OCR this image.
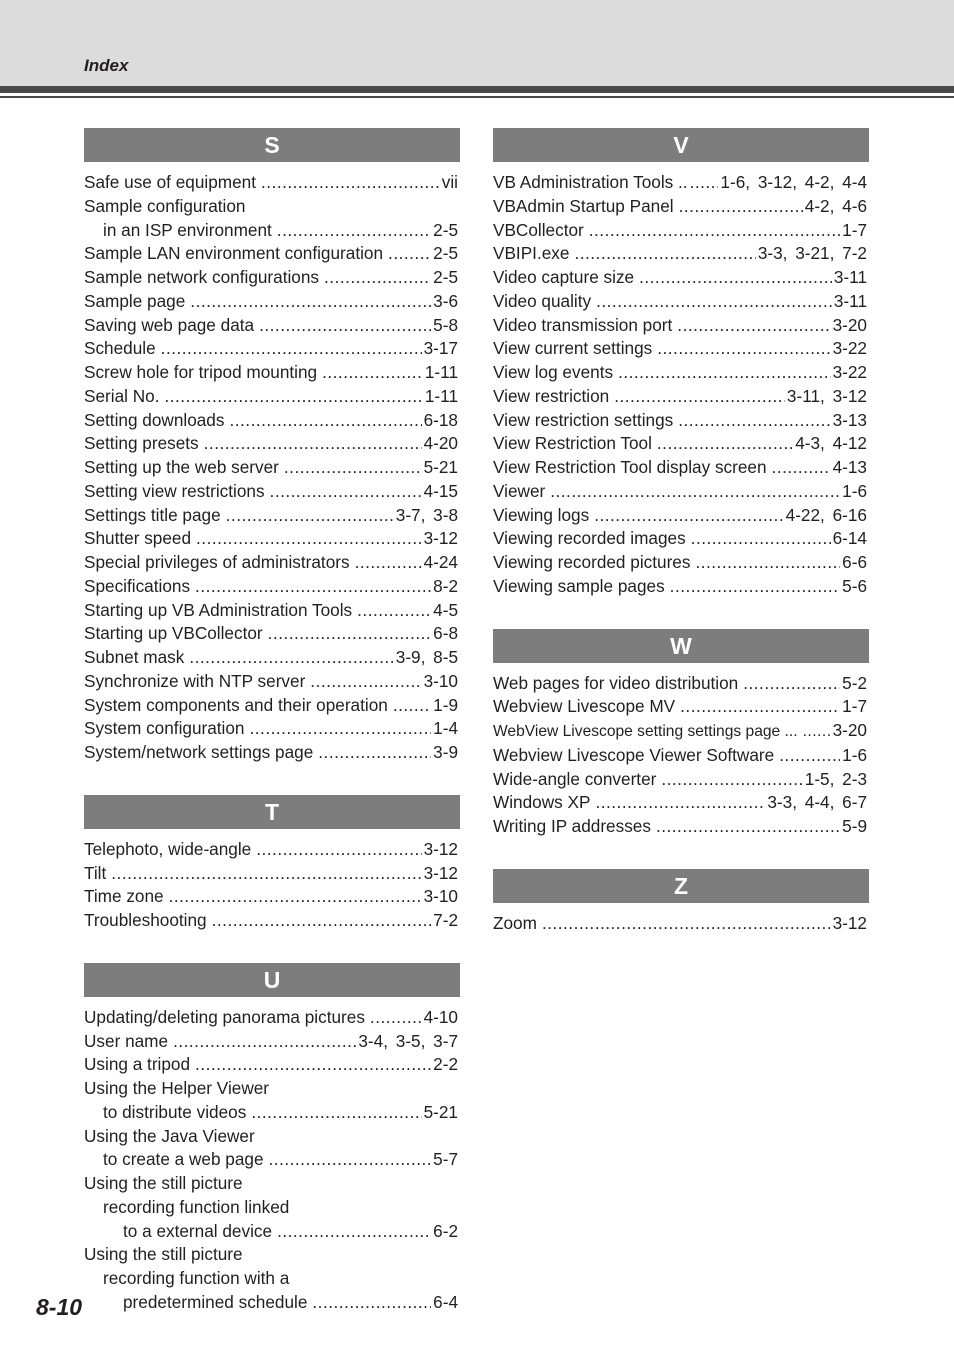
Index
S
Safe use of equipment .....	vii
Sample configuration
in an ISP environment .....	2-5
Sample LAN environment configuration .....	2-5
Sample network configurations .....	2-5
Sample page .....	3-6
Saving web page data .....	5-8
Schedule .....	3-17
Screw hole for tripod mounting .....	1-11
Serial No. .....	1-11
Setting downloads .....	6-18
Setting presets .....	4-20
Setting up the web server .....	5-21
Setting view restrictions .....	4-15
Settings title page .....	3-7, 3-8
Shutter speed .....	3-12
Special privileges of administrators .....	4-24
Specifications .....	8-2
Starting up VB Administration Tools .....	4-5
Starting up VBCollector .....	6-8
Subnet mask .....	3-9, 8-5
Synchronize with NTP server .....	3-10
System components and their operation .....	1-9
System configuration .....	1-4
System/network settings page .....	3-9
T
Telephoto, wide-angle .....	3-12
Tilt .....	3-12
Time zone .....	3-10
Troubleshooting .....	7-2
U
Updating/deleting panorama pictures .....	4-10
User name .....	3-4, 3-5, 3-7
Using a tripod .....	2-2
Using the Helper Viewer
to distribute videos .....	5-21
Using the Java Viewer
to create a web page .....	5-7
Using the still picture
recording function linked
to a external device .....	6-2
Using the still picture
recording function with a
predetermined schedule .....	6-4
V
VB Administration Tools .. ..... 1-6, 3-12, 4-2, 4-4
VBAdmin Startup Panel .....	4-2, 4-6
VBCollector .....	1-7
VBIPI.exe .....	3-3, 3-21, 7-2
Video capture size .....	3-11
Video quality .....	3-11
Video transmission port .....	3-20
View current settings .....	3-22
View log events .....	3-22
View restriction .....	3-11, 3-12
View restriction settings .....	3-13
View Restriction Tool .....	4-3, 4-12
View Restriction Tool display screen .....	4-13
Viewer .....	1-6
Viewing logs .....	4-22, 6-16
Viewing recorded images .....	6-14
Viewing recorded pictures .....	6-6
Viewing sample pages .....	5-6
W
Web pages for video distribution .....	5-2
Webview Livescope MV .....	1-7
WebView Livescope setting settings page ... ..... 3-20
Webview Livescope Viewer Software .....	1-6
Wide-angle converter .....	1-5, 2-3
Windows XP .....	3-3, 4-4, 6-7
Writing IP addresses .....	5-9
Z
Zoom .....	3-12
8-10
